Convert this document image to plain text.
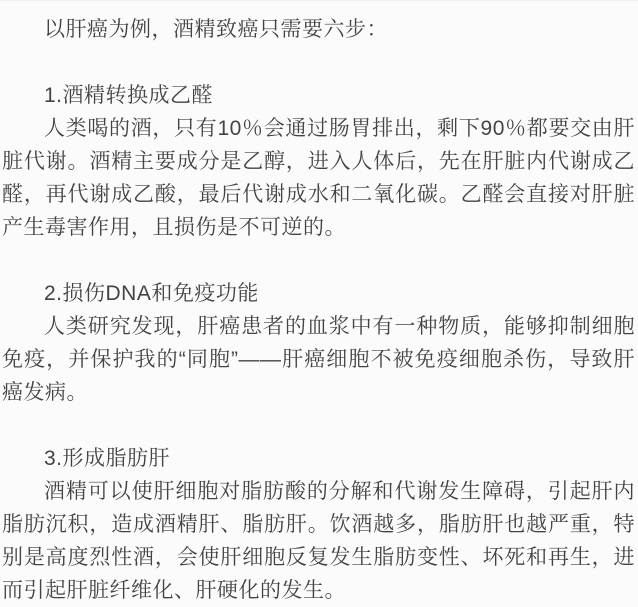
以肝癌为例，酒精致癌只需要六步：

1.酒精转换成乙醛

人类喝的酒，只有10％会通过肠胃排出，剩下90％都要交由肝脏代谢。酒精主要成分是乙醇，进入人体后，先在肝脏内代谢成乙醛，再代谢成乙酸，最后代谢成水和二氧化碳。乙醛会直接对肝脏产生毒害作用，且损伤是不可逆的。

2.损伤DNA和免疫功能

人类研究发现，肝癌患者的血浆中有一种物质，能够抑制细胞免疫，并保护我的“同胞”——肝癌细胞不被免疫细胞杀伤，导致肝癌发病。

3.形成脂肪肝

酒精可以使肝细胞对脂肪酸的分解和代谢发生障碍，引起肝内脂肪沉积，造成酒精肝、脂肪肝。饮酒越多，脂肪肝也越严重，特别是高度烈性酒，会使肝细胞反复发生脂肪变性、坏死和再生，进而引起肝脏纤维化、肝硬化的发生。
